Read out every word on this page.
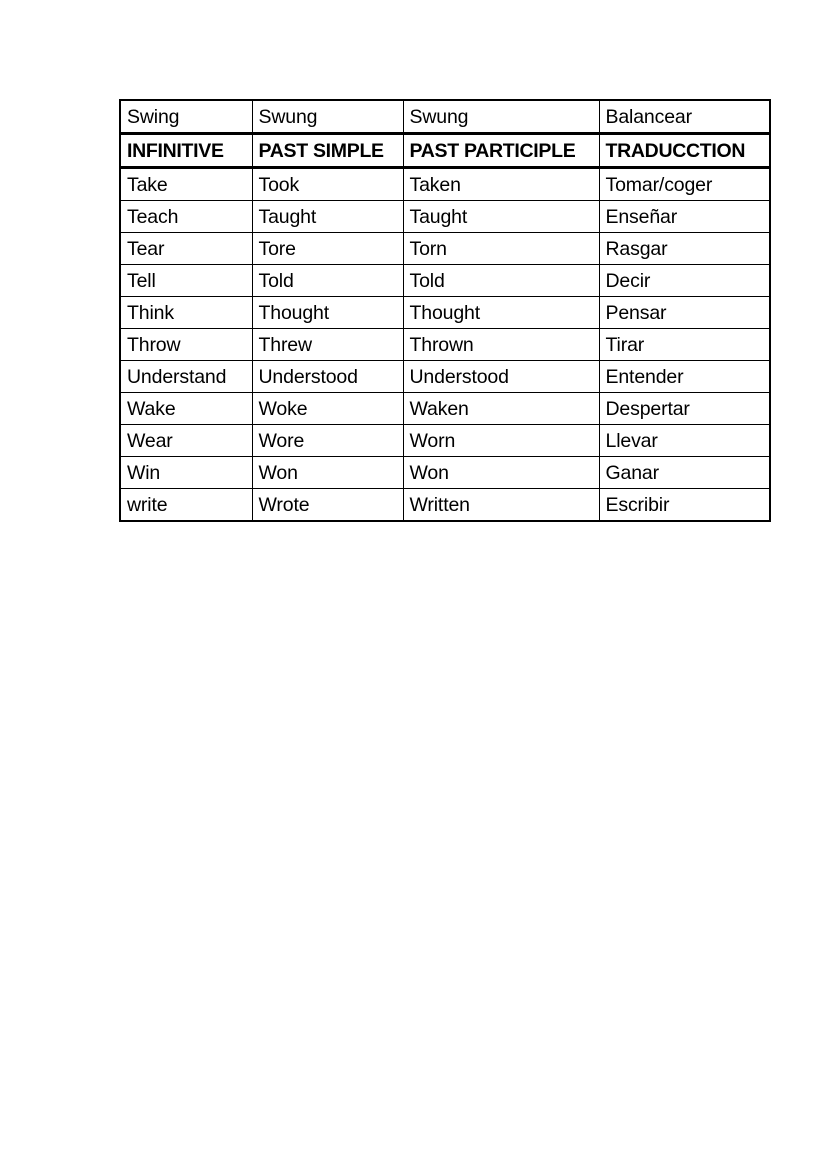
Swing	Swung	Swung	Balancear
INFINITIVE	PAST SIMPLE	PAST PARTICIPLE	TRADUCCTION
Take	Took	Taken	Tomar/coger
Teach	Taught	Taught	Enseñar
Tear	Tore	Torn	Rasgar
Tell	Told	Told	Decir
Think	Thought	Thought	Pensar
Throw	Threw	Thrown	Tirar
Understand	Understood	Understood	Entender
Wake	Woke	Waken	Despertar
Wear	Wore	Worn	Llevar
Win	Won	Won	Ganar
write	Wrote	Written	Escribir
